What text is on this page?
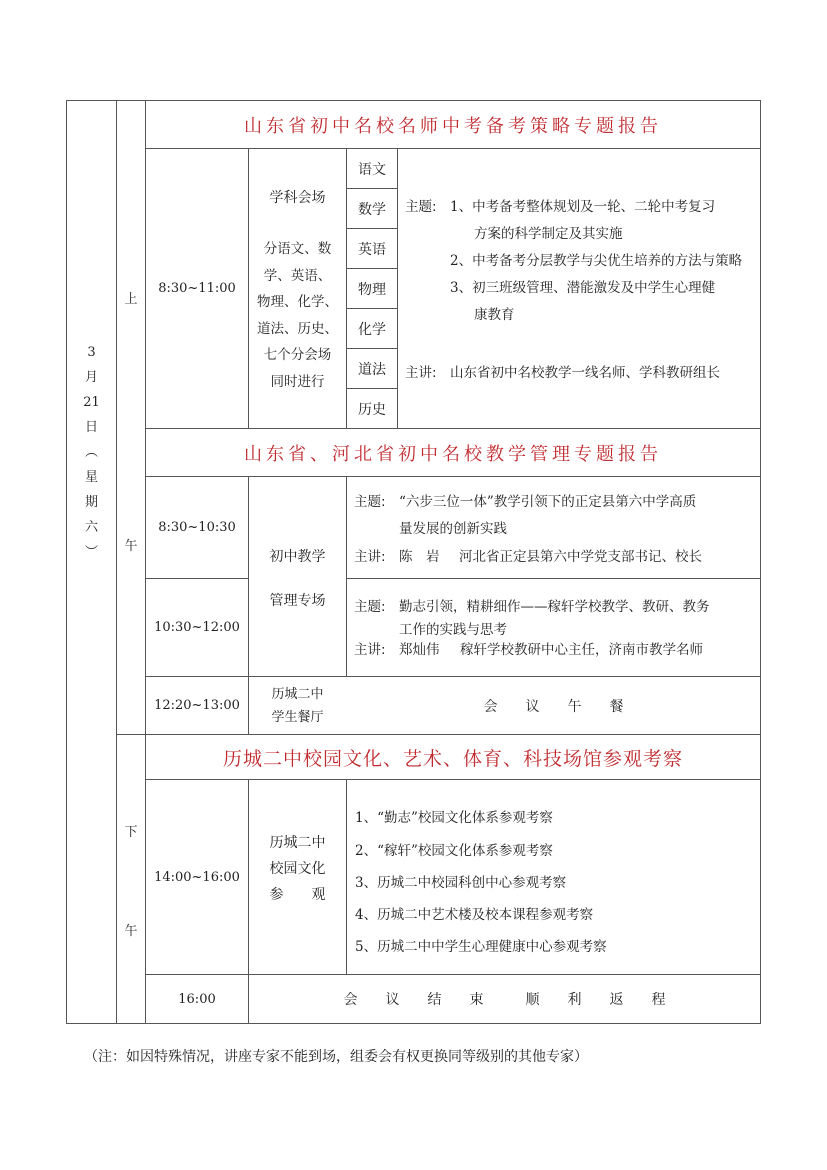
3
月
21
日
︵
星
期
六
︶
上
午
下
午
山东省初中名校名师中考备考策略专题报告
8:30~11:00
学科会场
分语文、数
学、英语、
物理、化学、
道法、历史、
七个分会场
同时进行
语文
数学
英语
物理
化学
道法
历史
主题: 1、中考备考整体规划及一轮、二轮中考复习
方案的科学制定及其实施
2、中考备考分层教学与尖优生培养的方法与策略
3、初三班级管理、潜能激发及中学生心理健
康教育
主讲: 山东省初中名校教学一线名师、学科教研组长
山东省、河北省初中名校教学管理专题报告
8:30~10:30
10:30~12:00
初中教学
管理专场
主题: “六步三位一体”教学引领下的正定县第六中学高质
量发展的创新实践
主讲: 陈　岩 河北省正定县第六中学党支部书记、校长
主题: 勤志引领，精耕细作——稼轩学校教学、教研、教务
工作的实践与思考
主讲: 郑灿伟 稼轩学校教研中心主任，济南市教学名师
12:20~13:00
历城二中
学生餐厅
会　　议　　午　　餐
历城二中校园文化、艺术、体育、科技场馆参观考察
14:00~16:00
历城二中
校园文化
参　　观
1、“勤志”校园文化体系参观考察
2、“稼轩”校园文化体系参观考察
3、历城二中校园科创中心参观考察
4、历城二中艺术楼及校本课程参观考察
5、历城二中中学生心理健康中心参观考察
16:00	会　　议　　结　　束　　　顺　　利　　返　　程
（注：如因特殊情况，讲座专家不能到场，组委会有权更换同等级别的其他专家）
